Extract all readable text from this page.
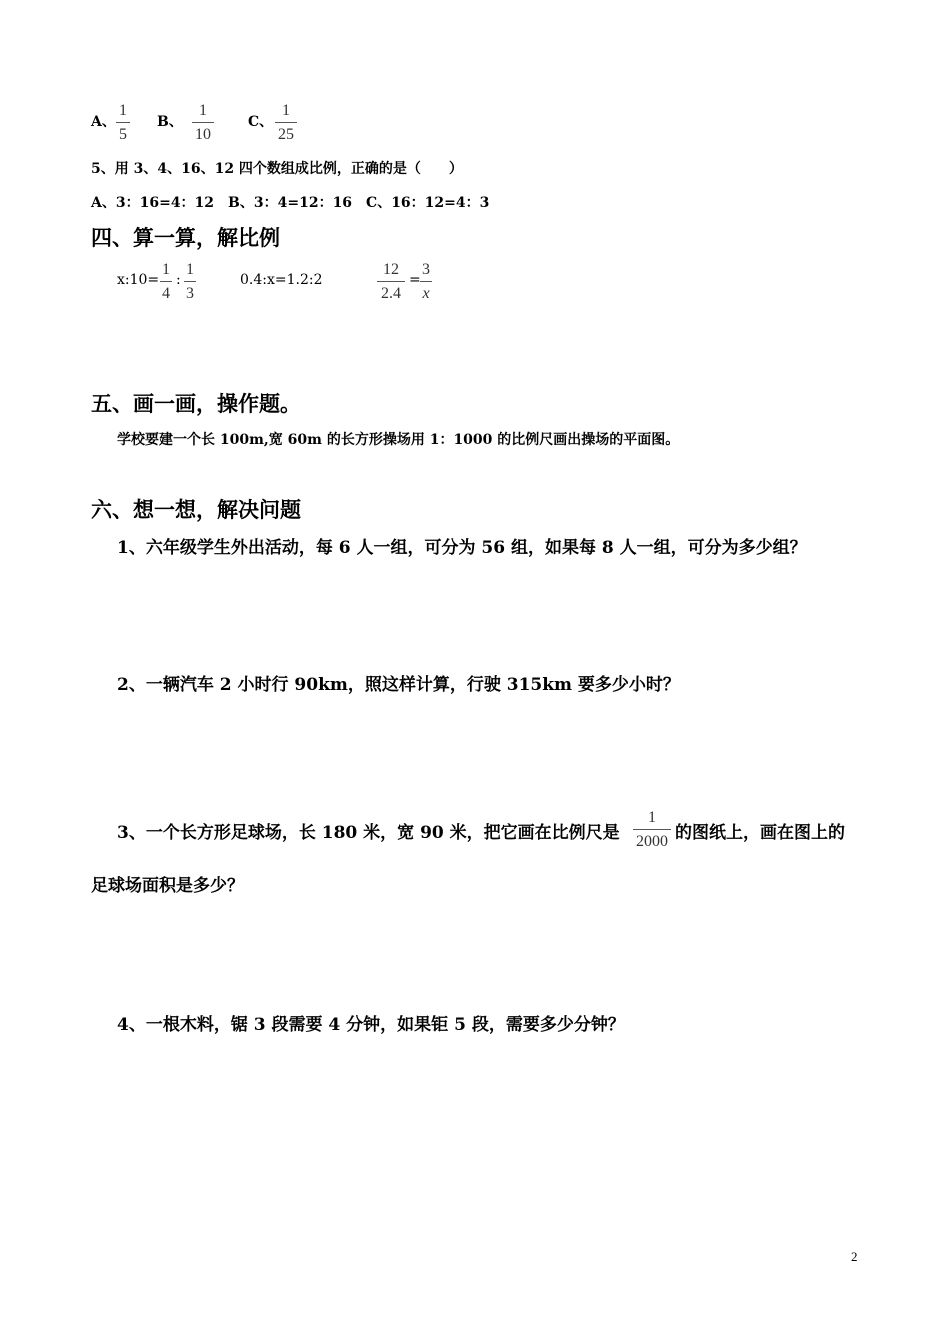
A、
1
5
B、
1
10
C、
1
25
5、用 3、4、16、12 四个数组成比例，正确的是（　　）
A、3：16=4：12　B、3：4=12：16　C、16：12=4：3
四、算一算，解比例
x:10=
1
4
:
1
3
0.4:x=1.2:2
12
2.4
=
3
x
五、画一画，操作题。
学校要建一个长 100m,宽 60m 的长方形操场用 1：1000 的比例尺画出操场的平面图。
六、想一想，解决问题
1、六年级学生外出活动，每 6 人一组，可分为 56 组，如果每 8 人一组，可分为多少组？
2、一辆汽车 2 小时行 90km，照这样计算，行驶 315km 要多少小时？
3、一个长方形足球场，长 180 米，宽 90 米，把它画在比例尺是
1
2000 的图纸上，画在图上的
足球场面积是多少？
4、一根木料，锯 3 段需要 4 分钟，如果钜 5 段，需要多少分钟？
2
